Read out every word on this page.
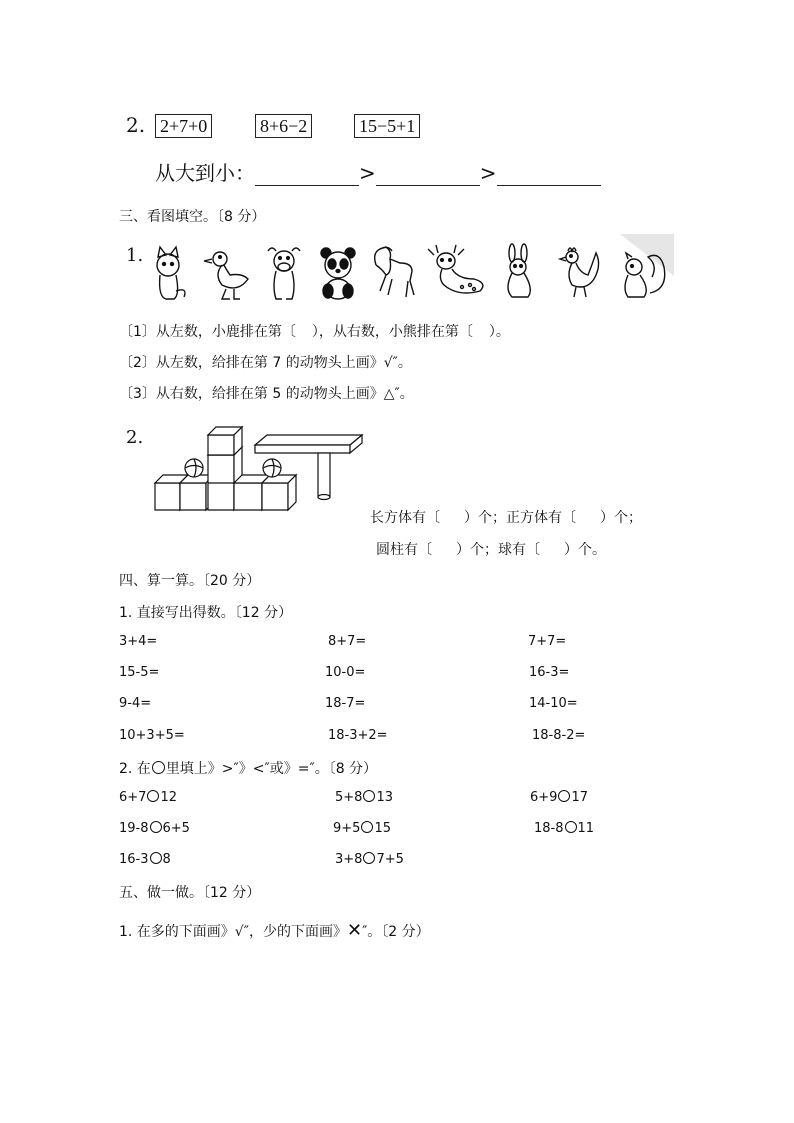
2. 2+7+0	8+6−2	15−5+1
从大到小：	>	>
三、看图填空。〔8 分）
1.
〔1〕从左数，小鹿排在第〔 ），从右数，小熊排在第〔 ）。
〔2〕从左数，给排在第 7 的动物头上画》√″。
〔3〕从右数，给排在第 5 的动物头上画》△″。
2.
长方体有〔 ）个；正方体有〔 ）个；
圆柱有〔 ）个；球有〔 ）个。
四、算一算。〔20 分）
1. 直接写出得数。〔12 分）
3+4=	8+7=	7+7=
15-5=	10-0=	16-3=
9-4=	18-7=	14-10=
10+3+5=	18-3+2=	18-8-2=
2. 在 里填上》>″》<″或》=″。〔8 分）
6+7 12	5+8 13	6+9 17
19-8 6+5	9+5 15	18-8 11
16-3 8	3+8 7+5
五、做一做。〔12 分）
1. 在多的下面画》√″，少的下面画》✕″。〔2 分）
